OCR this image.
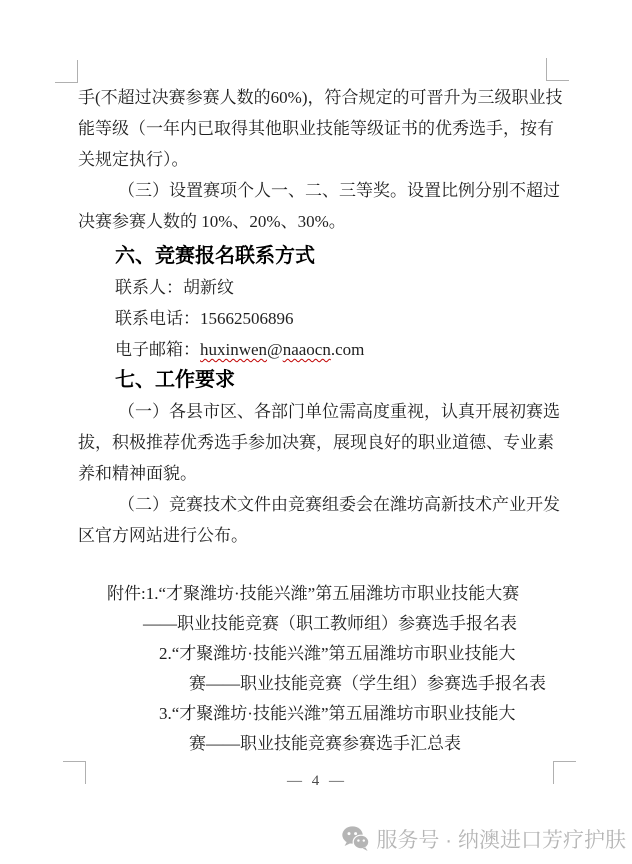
手(不超过决赛参赛人数的60%)，符合规定的可晋升为三级职业技
能等级（一年内已取得其他职业技能等级证书的优秀选手，按有
关规定执行）。
（三）设置赛项个人一、二、三等奖。设置比例分别不超过
决赛参赛人数的 10%、20%、30%。
六、竞赛报名联系方式
联系人：胡新纹
联系电话：15662506896
电子邮箱：huxinwen@naaocn.com
七、工作要求
（一）各县市区、各部门单位需高度重视，认真开展初赛选
拔，积极推荐优秀选手参加决赛，展现良好的职业道德、专业素
养和精神面貌。
（二）竞赛技术文件由竞赛组委会在潍坊高新技术产业开发
区官方网站进行公布。
附件:1.“才聚潍坊·技能兴潍”第五届潍坊市职业技能大赛
——职业技能竞赛（职工教师组）参赛选手报名表
2.“才聚潍坊·技能兴潍”第五届潍坊市职业技能大
赛——职业技能竞赛（学生组）参赛选手报名表
3.“才聚潍坊·技能兴潍”第五届潍坊市职业技能大
赛——职业技能竞赛参赛选手汇总表
— 4 —
服务号 · 纳澳进口芳疗护肤
